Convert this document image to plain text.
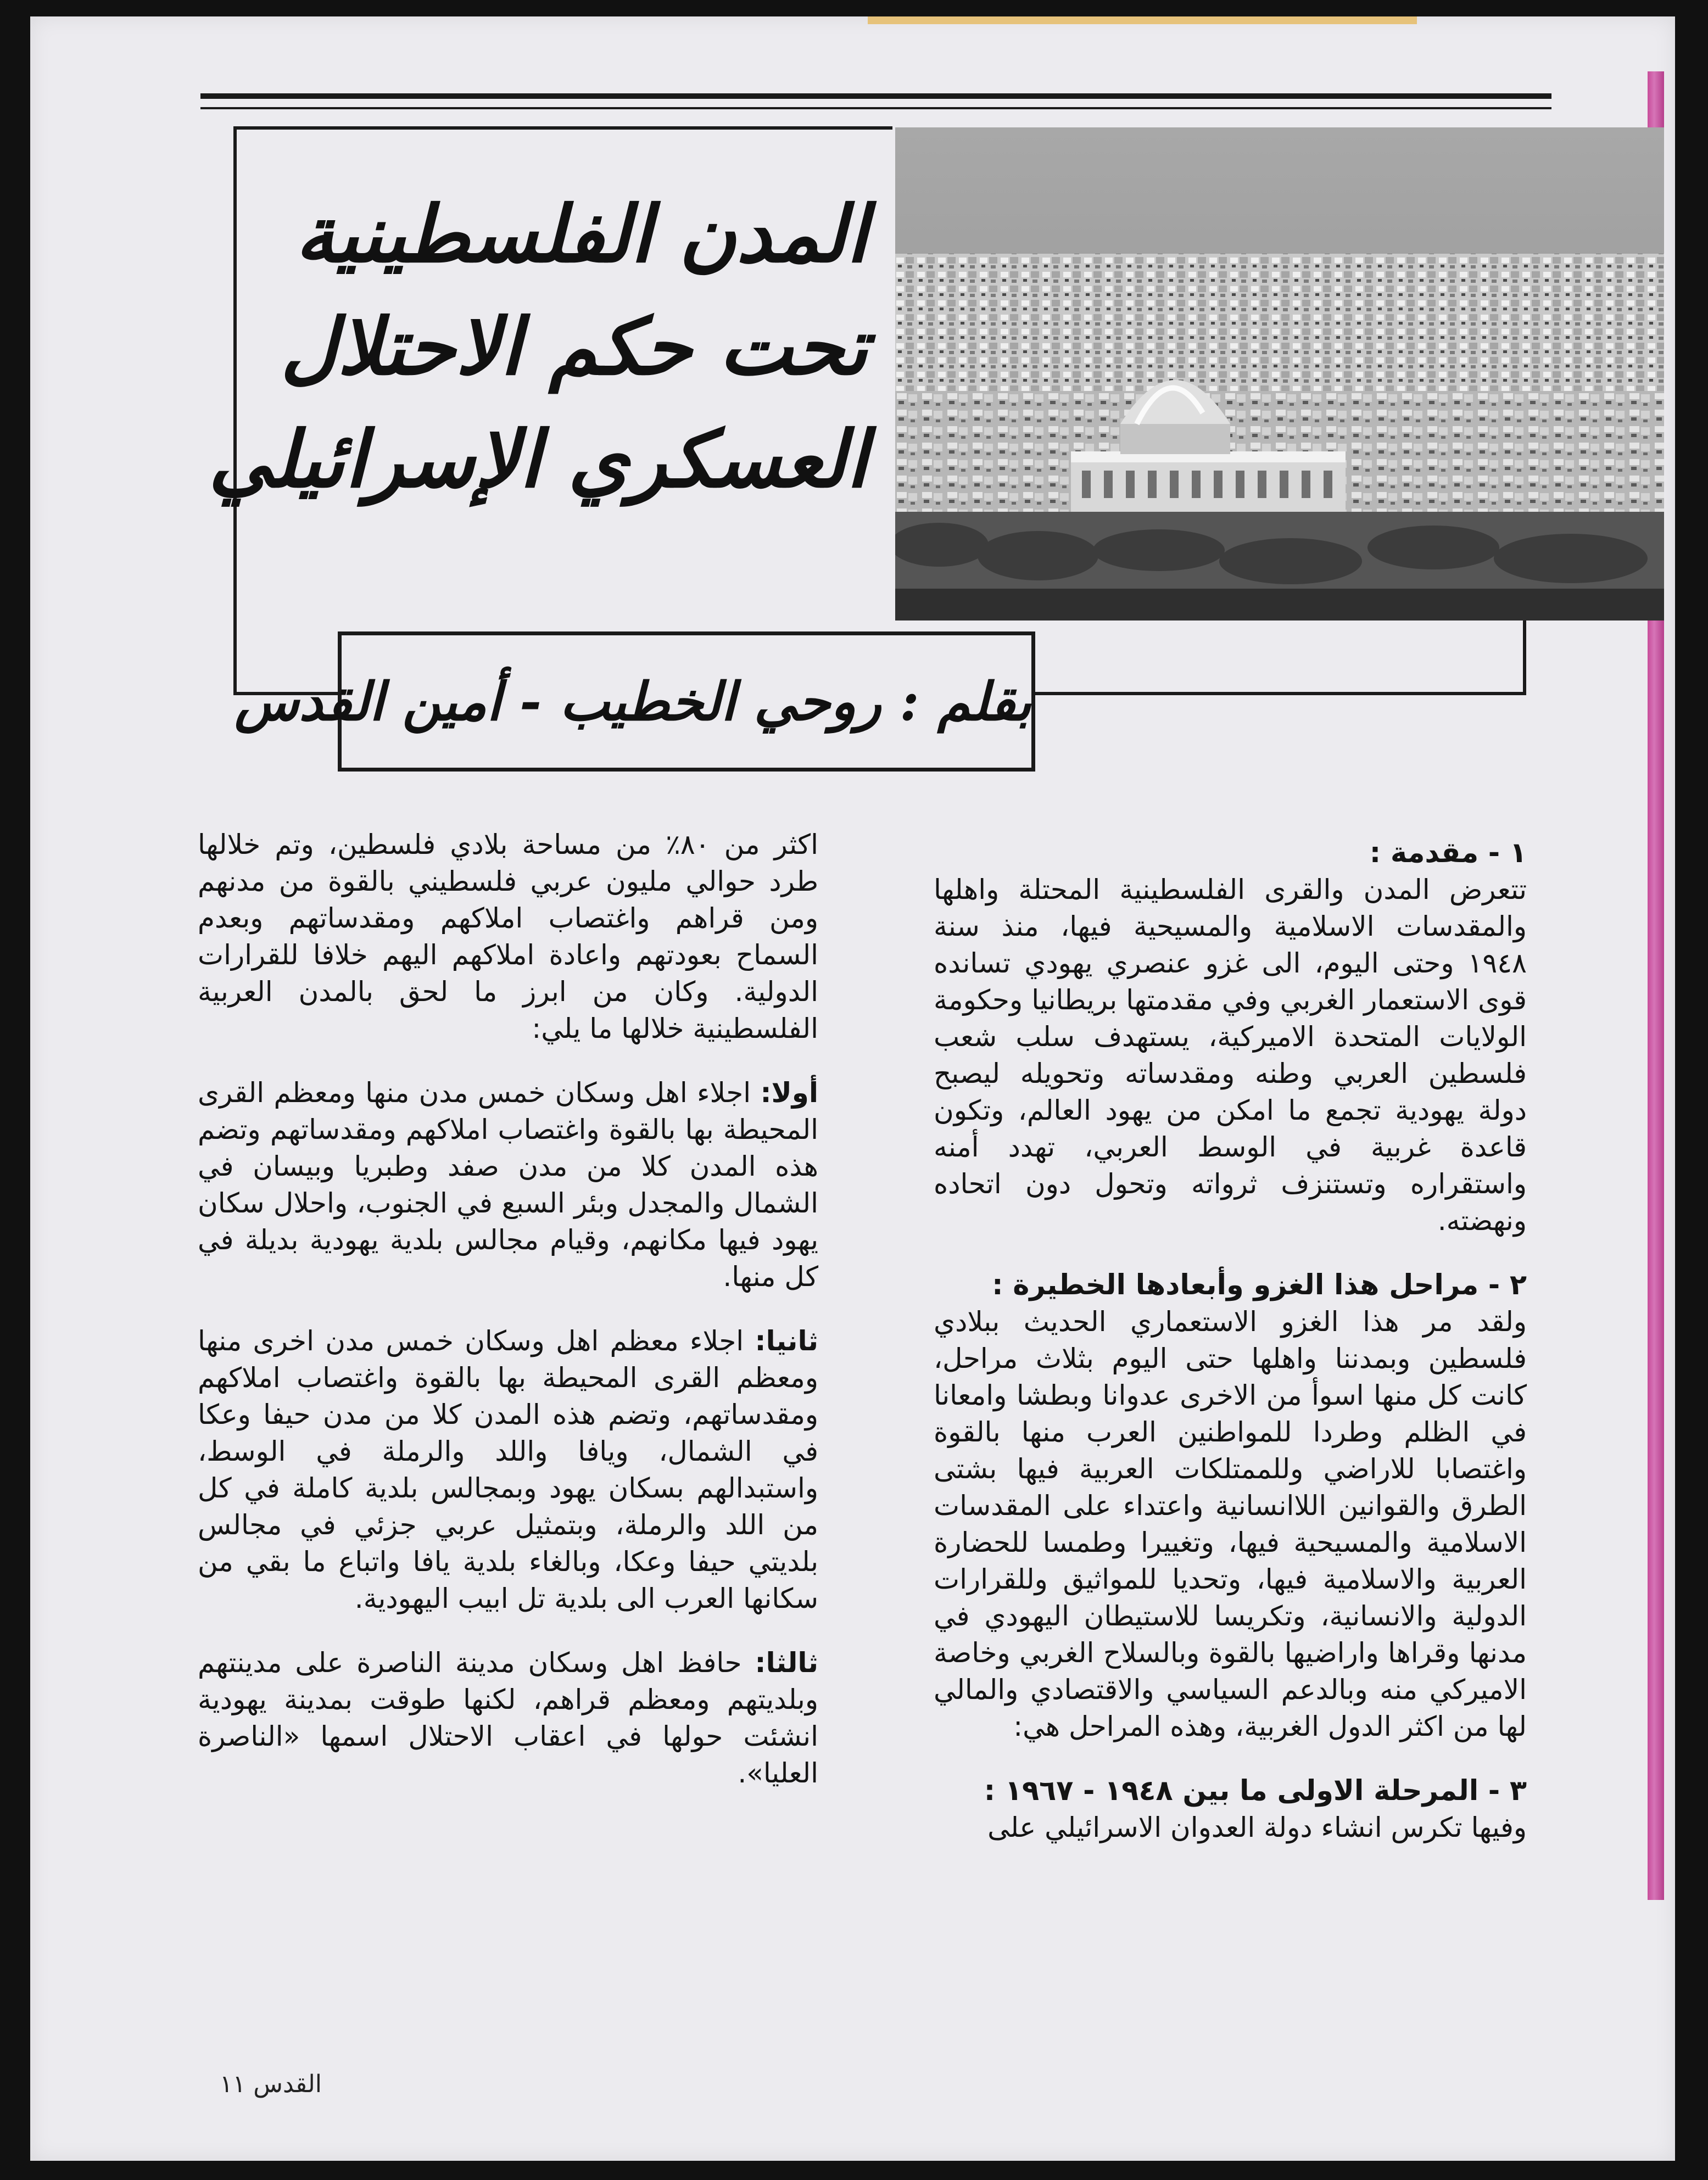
المدن الفلسطينية
تحت حكم الاحتلال
العسكري الإسرائيلي
بقلم : روحي الخطيب - أمين القدس
١ - مقدمة :

تتعرض المدن والقرى الفلسطينية المحتلة واهلها والمقدسات الاسلامية والمسيحية فيها، منذ سنة ١٩٤٨ وحتى اليوم، الى غزو عنصري يهودي تسانده قوى الاستعمار الغربي وفي مقدمتها بريطانيا وحكومة الولايات المتحدة الاميركية، يستهدف سلب شعب فلسطين العربي وطنه ومقدساته وتحويله ليصبح دولة يهودية تجمع ما امكن من يهود العالم، وتكون قاعدة غربية في الوسط العربي، تهدد أمنه واستقراره وتستنزف ثرواته وتحول دون اتحاده ونهضته.

٢ - مراحل هذا الغزو وأبعادها الخطيرة :

ولقد مر هذا الغزو الاستعماري الحديث ببلادي فلسطين وبمدننا واهلها حتى اليوم بثلاث مراحل، كانت كل منها اسوأ من الاخرى عدوانا وبطشا وامعانا في الظلم وطردا للمواطنين العرب منها بالقوة واغتصابا للاراضي وللممتلكات العربية فيها بشتى الطرق والقوانين اللاانسانية واعتداء على المقدسات الاسلامية والمسيحية فيها، وتغييرا وطمسا للحضارة العربية والاسلامية فيها، وتحديا للمواثيق وللقرارات الدولية والانسانية، وتكريسا للاستيطان اليهودي في مدنها وقراها واراضيها بالقوة وبالسلاح الغربي وخاصة الاميركي منه وبالدعم السياسي والاقتصادي والمالي لها من اكثر الدول الغربية، وهذه المراحل هي:

٣ - المرحلة الاولى ما بين ١٩٤٨ - ١٩٦٧ :

وفيها تكرس انشاء دولة العدوان الاسرائيلي على

اكثر من ٨٠٪ من مساحة بلادي فلسطين، وتم خلالها طرد حوالي مليون عربي فلسطيني بالقوة من مدنهم ومن قراهم واغتصاب املاكهم ومقدساتهم وبعدم السماح بعودتهم واعادة املاكهم اليهم خلافا للقرارات الدولية. وكان من ابرز ما لحق بالمدن العربية الفلسطينية خلالها ما يلي:

أولا: اجلاء اهل وسكان خمس مدن منها ومعظم القرى المحيطة بها بالقوة واغتصاب املاكهم ومقدساتهم وتضم هذه المدن كلا من مدن صفد وطبريا وبيسان في الشمال والمجدل وبئر السبع في الجنوب، واحلال سكان يهود فيها مكانهم، وقيام مجالس بلدية يهودية بديلة في كل منها.

ثانيا: اجلاء معظم اهل وسكان خمس مدن اخرى منها ومعظم القرى المحيطة بها بالقوة واغتصاب املاكهم ومقدساتهم، وتضم هذه المدن كلا من مدن حيفا وعكا في الشمال، ويافا واللد والرملة في الوسط، واستبدالهم بسكان يهود وبمجالس بلدية كاملة في كل من اللد والرملة، وبتمثيل عربي جزئي في مجالس بلديتي حيفا وعكا، وبالغاء بلدية يافا واتباع ما بقي من سكانها العرب الى بلدية تل ابيب اليهودية.

ثالثا: حافظ اهل وسكان مدينة الناصرة على مدينتهم وبلديتهم ومعظم قراهم، لكنها طوقت بمدينة يهودية انشئت حولها في اعقاب الاحتلال اسمها «الناصرة العليا».

القدس ١١
